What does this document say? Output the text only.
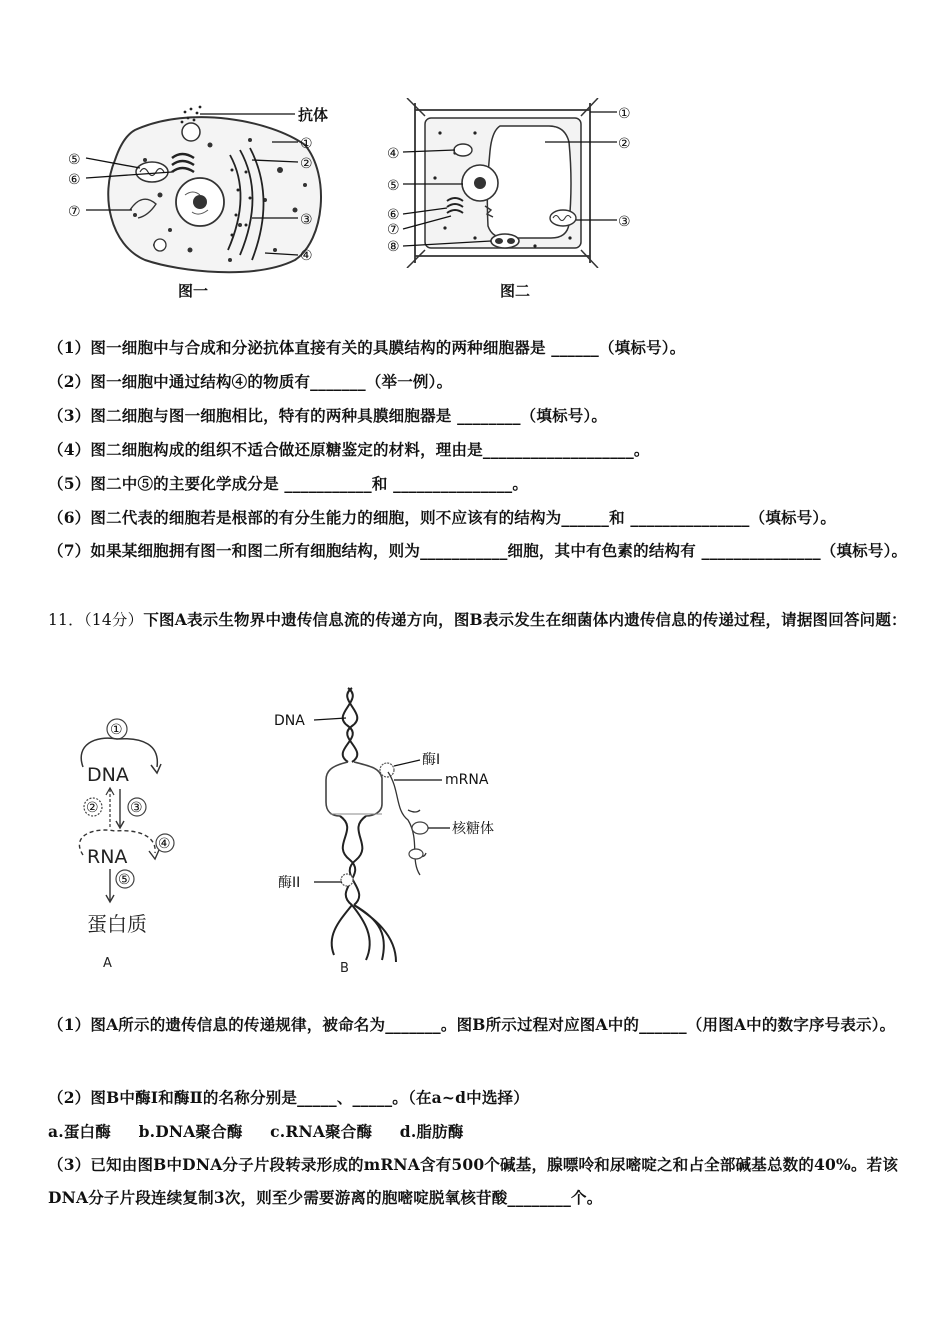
抗体
①
②
③
④
⑤
⑥
⑦
图一
①
②
③
④
⑤
⑥
⑦
⑧
图二
（1）图一细胞中与合成和分泌抗体直接有关的具膜结构的两种细胞器是 ______（填标号）。
（2）图一细胞中通过结构④的物质有_______（举一例）。
（3）图二细胞与图一细胞相比，特有的两种具膜细胞器是 ________（填标号）。
（4）图二细胞构成的组织不适合做还原糖鉴定的材料，理由是___________________。
（5）图二中⑤的主要化学成分是 ___________和 _______________。
（6）图二代表的细胞若是根部的有分生能力的细胞，则不应该有的结构为______和 _______________（填标号）。
（7）如果某细胞拥有图一和图二所有细胞结构，则为___________细胞，其中有色素的结构有 _______________（填标号）。
11．（14分）下图A表示生物界中遗传信息流的传递方向，图B表示发生在细菌体内遗传信息的传递过程，请据图回答问题：
①
DNA
② ③
④
RNA
⑤
蛋白质
A
DNA
酶I
mRNA
核糖体
酶II
B
（1）图A所示的遗传信息的传递规律，被命名为_______。图B所示过程对应图A中的______（用图A中的数字序号表示）。
（2）图B中酶Ⅰ和酶Ⅱ的名称分别是_____、_____。（在a~d中选择）
a.蛋白酶 b.DNA聚合酶 c.RNA聚合酶 d.脂肪酶
（3）已知由图B中DNA分子片段转录形成的mRNA含有500个碱基，腺嘌呤和尿嘧啶之和占全部碱基总数的40%。若该DNA分子片段连续复制3次，则至少需要游离的胞嘧啶脱氧核苷酸________个。
